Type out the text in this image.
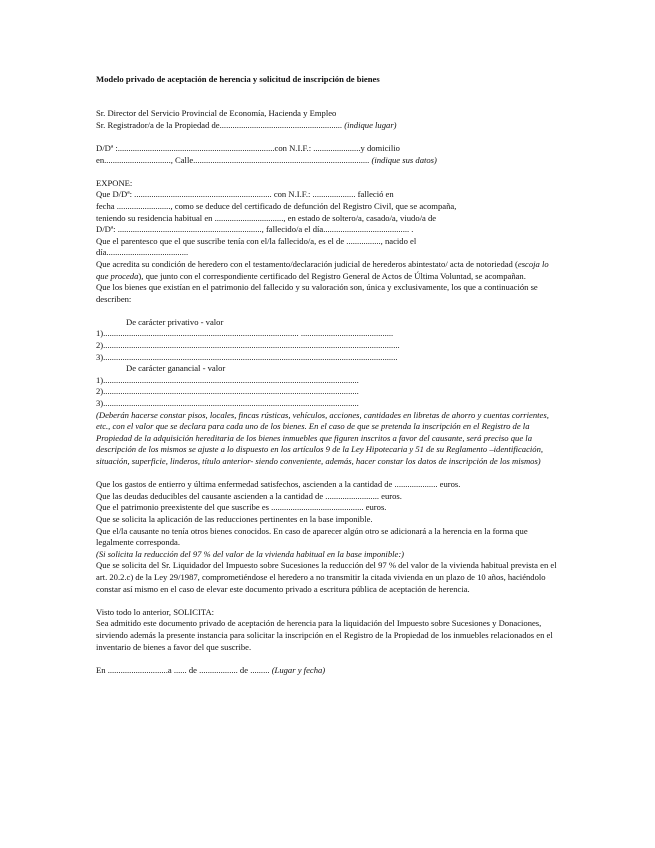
Modelo privado de aceptación de herencia y solicitud de inscripción de bienes

Sr. Director del Servicio Provincial de Economía, Hacienda y Empleo

Sr. Registrador/a de la Propiedad de......................................................... (indique lugar)

D/Dª :.........................................................................con N.I.F.: ......................y domicilio

en..............................., Calle.................................................................................. (indique sus datos)

EXPONE:

Que D/Dª: ................................................................ con N.I.F.: .................... falleció en

fecha ........................., como se deduce del certificado de defunción del Registro Civil, que se acompaña,

teniendo su residencia habitual en ................................, en estado de soltero/a, casado/a, viudo/a de

D/Dª: ..................................................................., fallecido/a el día........................................ .

Que el parentesco que el que suscribe tenía con el/la fallecido/a, es el de ................, nacido el

día......................................

Que acredita su condición de heredero con el testamento/declaración judicial de herederos abintestato/ acta de notoriedad (escoja lo que proceda), que junto con el correspondiente certificado del Registro General de Actos de Última Voluntad, se acompañan.

Que los bienes que existían en el patrimonio del fallecido y su valoración son, única y exclusivamente, los que a continuación se describen:

De carácter privativo - valor

1)........................................................................................... ...........................................

2)..........................................................................................................................................

3).........................................................................................................................................

De carácter ganancial - valor

1).......................................................................................................................

2).......................................................................................................................

3).......................................................................................................................

(Deberán hacerse constar pisos, locales, fincas rústicas, vehículos, acciones, cantidades en libretas de ahorro y cuentas corrientes, etc., con el valor que se declara para cada uno de los bienes. En el caso de que se pretenda la inscripción en el Registro de la Propiedad de la adquisición hereditaria de los bienes inmuebles que figuren inscritos a favor del causante, será preciso que la descripción de los mismos se ajuste a lo dispuesto en los artículos 9 de la Ley Hipotecaria y 51 de su Reglamento –identificación, situación, superficie, linderos, título anterior- siendo conveniente, además, hacer constar los datos de inscripción de los mismos)

Que los gastos de entierro y última enfermedad satisfechos, ascienden a la cantidad de .................... euros.

Que las deudas deducibles del causante ascienden a la cantidad de ......................... euros.

Que el patrimonio preexistente del que suscribe es ........................................... euros.

Que se solicita la aplicación de las reducciones pertinentes en la base imponible.

Que el/la causante no tenía otros bienes conocidos. En caso de aparecer algún otro se adicionará a la herencia en la forma que legalmente corresponda.

(Si solicita la reducción del 97 % del valor de la vivienda habitual en la base imponible:)

Que se solicita del Sr. Liquidador del Impuesto sobre Sucesiones la reducción del 97 % del valor de la vivienda habitual prevista en el art. 20.2.c) de la Ley 29/1987, comprometiéndose el heredero a no transmitir la citada vivienda en un plazo de 10 años, haciéndolo constar así mismo en el caso de elevar este documento privado a escritura pública de aceptación de herencia.

Visto todo lo anterior, SOLICITA:

Sea admitido este documento privado de aceptación de herencia para la liquidación del Impuesto sobre Sucesiones y Donaciones, sirviendo además la presente instancia para solicitar la inscripción en el Registro de la Propiedad de los inmuebles relacionados en el inventario de bienes a favor del que suscribe.

En ............................a ...... de .................. de ......... (Lugar y fecha)
